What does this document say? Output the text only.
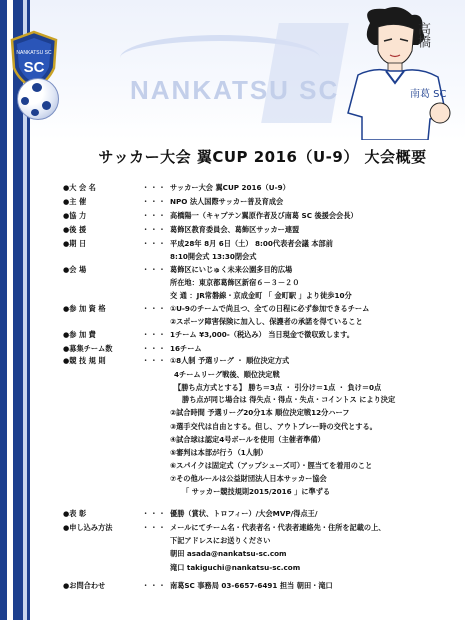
NANKATSU SC
NANKATSU SC
SC
南葛 SC
高橋
サッカー大会 翼CUP 2016（U-9） 大会概要
●大 会 名	・・・ サッカー大会 翼CUP 2016（U-9）
●主 催	・・・ NPO 法人国際サッカー普及育成会
●協 力	・・・ 高橋陽一（キャプテン翼原作者及び南葛 SC 後援会会長）
●後 援	・・・ 葛飾区教育委員会、葛飾区サッカー連盟
●期 日	・・・ 平成28年 8月 6日（土） 8:00代表者会議 本部前
8:10開会式 13:30閉会式
●会 場	・・・ 葛飾区にいじゅく未来公園多目的広場
所在地：東京都葛飾区新宿６－３－２０
交 通 ：JR常磐線・京成金町 「 金町駅 」より徒歩10分
●参 加 資 格	・・・ ①U-9のチームで尚且つ、全ての日程に必ず参加できるチーム
②スポーツ障害保険に加入し、保護者の承諾を得ていること
●参 加 費	・・・ 1チーム ¥3,000-（税込み） 当日現金で徴収致します。
●募集チーム数	・・・ 16チーム
●競 技 規 則	・・・ ①8人制 予選リーグ ・ 順位決定方式
4チームリーグ戦後、順位決定戦
【勝ち点方式とする】 勝ち＝3点 ・ 引分け＝1点 ・ 負け＝0点
勝ち点が同じ場合は 得失点・得点・失点・コイントス により決定
②試合時間 予選リーグ20分1本 順位決定戦12分ハーフ
③選手交代は自由とする。但し、アウトプレー時の交代とする。
④試合球は認定4号ボールを使用（主催者準備）
⑤審判は本部が行う（1人制）
⑥スパイクは固定式（アップシューズ可）・脛当てを着用のこと
⑦その他ルールは公益財団法人日本サッカー協会
「 サッカー競技規則2015/2016 」に準ずる
●表 彰	・・・ 優勝（賞状、トロフィー）/大会MVP/得点王/
●申し込み方法	・・・ メールにてチーム名・代表者名・代表者連絡先・住所を記載の上、
下記アドレスにお送りください
朝田 asada@nankatsu-sc.com
滝口 takiguchi@nankatsu-sc.com
●お問合わせ	・・・ 南葛SC 事務局 03-6657-6491 担当 朝田・滝口
